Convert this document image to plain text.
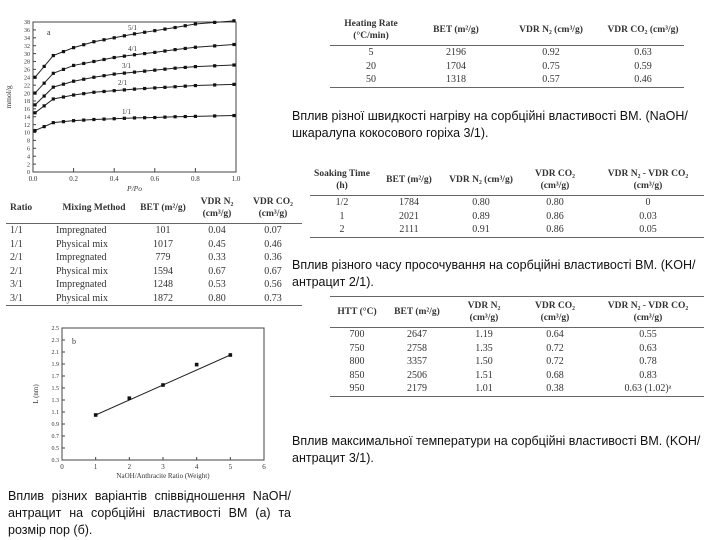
0.0	0.2	0.4	0.6	0.8	1.0
0
2
4
6
8
10
12
14
16
18
20
22
24
26
28
30
32
34
36
38
P/Po
mmol/g
a
5/1
4/1
3/1
2/1
1/1
Heating Rate (°C/min)	BET (m²/g)	VDR N₂ (cm³/g)	VDR CO₂ (cm³/g)
5	2196	0.92	0.63
20	1704	0.75	0.59
50	1318	0.57	0.46
Вплив різної швидкості нагріву на сорбційні властивості ВМ. (NaOH/шкаралупа кокосового горіха 3/1).
Soaking Time (h)	BET (m²/g)	VDR N₂ (cm³/g)	VDR CO₂ (cm³/g)	VDR N₂ - VDR CO₂ (cm³/g)
1/2	1784	0.80	0.80	0
1	2021	0.89	0.86	0.03
2	2111	0.91	0.86	0.05
Вплив різного часу просочування на сорбційні властивості ВМ. (KOH/антрацит 2/1).
Ratio	Mixing Method	BET (m²/g)	VDR N₂ (cm³/g)	VDR CO₂ (cm³/g)
1/1	Impregnated	101	0.04	0.07
1/1	Physical mix	1017	0.45	0.46
2/1	Impregnated	779	0.33	0.36
2/1	Physical mix	1594	0.67	0.67
3/1	Impregnated	1248	0.53	0.56
3/1	Physical mix	1872	0.80	0.73
HTT (°C)	BET (m²/g)	VDR N₂ (cm³/g)	VDR CO₂ (cm³/g)	VDR N₂ - VDR CO₂ (cm³/g)
700	2647	1.19	0.64	0.55
750	2758	1.35	0.72	0.63
800	3357	1.50	0.72	0.78
850	2506	1.51	0.68	0.83
950	2179	1.01	0.38	0.63 (1.02)ᵃ
Вплив максимальної температури на сорбційні властивості ВМ. (KOH/антрацит 3/1).
0	1	2	3	4	5	6
0.3
0.5
0.7
0.9
1.1
1.3
1.5
1.7
1.9
2.1
2.3
2.5
NaOH/Anthracite Ratio (Weight)
L (nm)
b
Вплив різних варіантів співвідношення NaOH/антрацит на сорбційні властивості ВМ (а) та розмір пор (б).
